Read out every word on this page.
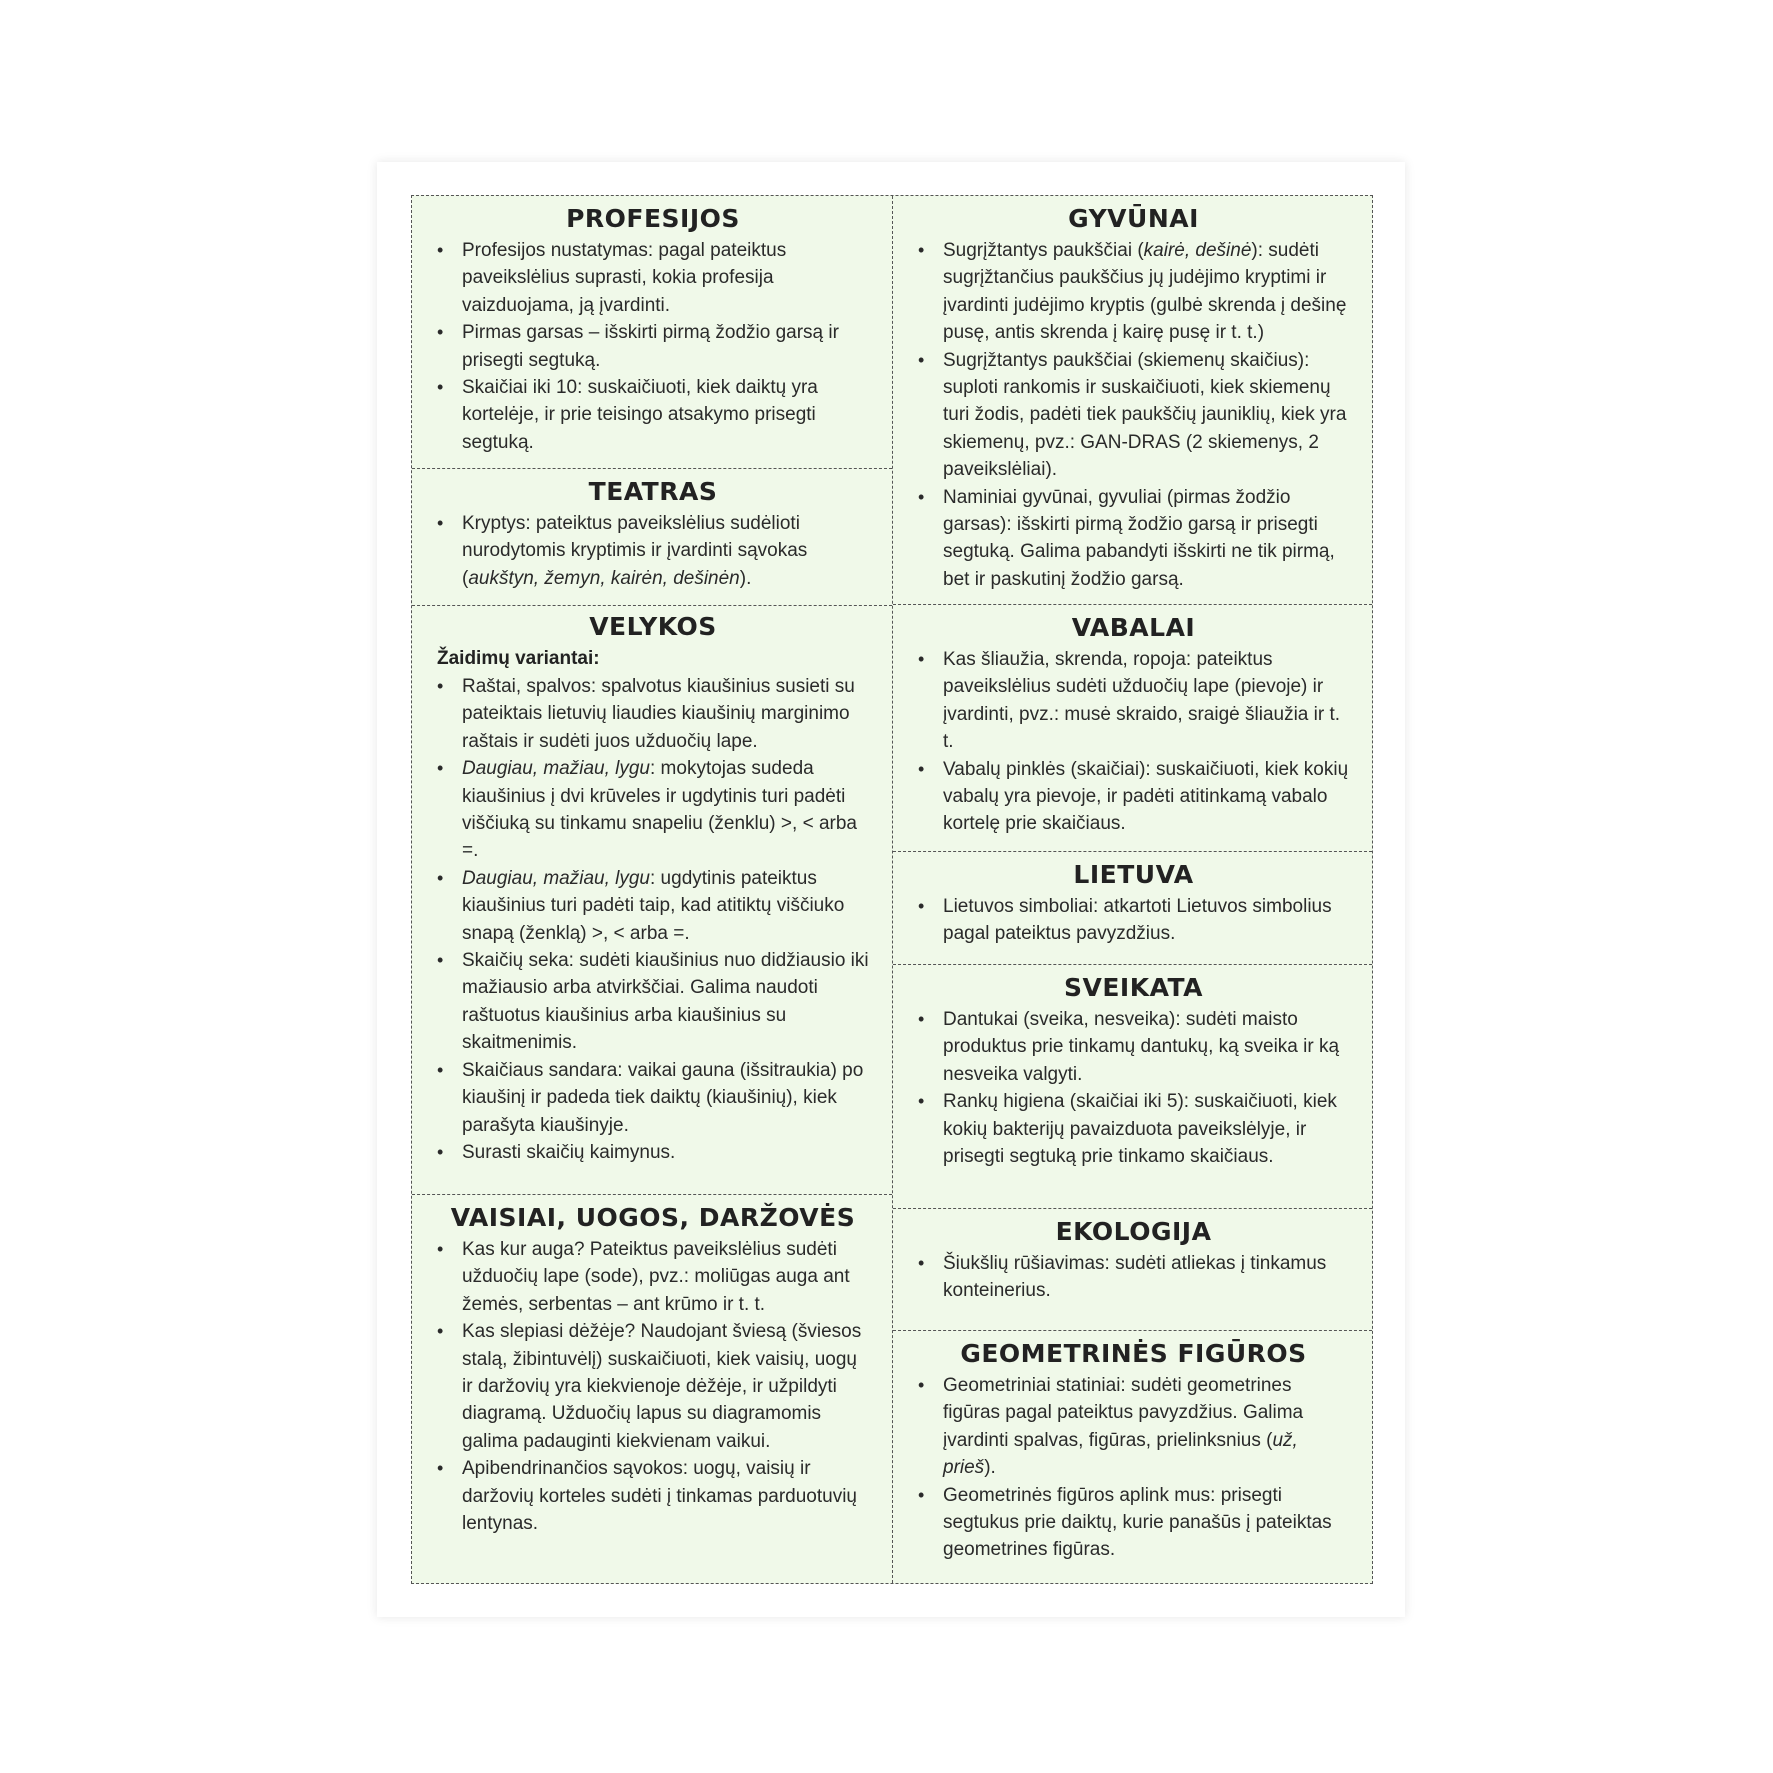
PROFESIJOS
• Profesijos nustatymas: pagal pateiktus paveikslėlius suprasti, kokia profesija vaizduojama, ją įvardinti.
• Pirmas garsas – išskirti pirmą žodžio garsą ir prisegti segtuką.
• Skaičiai iki 10: suskaičiuoti, kiek daiktų yra kortelėje, ir prie teisingo atsakymo prisegti segtuką.
TEATRAS
• Kryptys: pateiktus paveikslėlius sudėlioti nurodytomis kryptimis ir įvardinti sąvokas (aukštyn, žemyn, kairėn, dešinėn).
VELYKOS
Žaidimų variantai:
• Raštai, spalvos: spalvotus kiaušinius susieti su pateiktais lietuvių liaudies kiaušinių marginimo raštais ir sudėti juos užduočių lape.
• Daugiau, mažiau, lygu: mokytojas sudeda kiaušinius į dvi krūveles ir ugdytinis turi padėti viščiuką su tinkamu snapeliu (ženklu) >, < arba =.
• Daugiau, mažiau, lygu: ugdytinis pateiktus kiaušinius turi padėti taip, kad atitiktų viščiuko snapą (ženklą) >, < arba =.
• Skaičių seka: sudėti kiaušinius nuo didžiausio iki mažiausio arba atvirkščiai. Galima naudoti raštuotus kiaušinius arba kiaušinius su skaitmenimis.
• Skaičiaus sandara: vaikai gauna (išsitraukia) po kiaušinį ir padeda tiek daiktų (kiaušinių), kiek parašyta kiaušinyje.
• Surasti skaičių kaimynus.
VAISIAI, UOGOS, DARŽOVĖS
• Kas kur auga? Pateiktus paveikslėlius sudėti užduočių lape (sode), pvz.: moliūgas auga ant žemės, serbentas – ant krūmo ir t. t.
• Kas slepiasi dėžėje? Naudojant šviesą (šviesos stalą, žibintuvėlį) suskaičiuoti, kiek vaisių, uogų ir daržovių yra kiekvienoje dėžėje, ir užpildyti diagramą. Užduočių lapus su diagramomis galima padauginti kiekvienam vaikui.
• Apibendrinančios sąvokos: uogų, vaisių ir daržovių korteles sudėti į tinkamas parduotuvių lentynas.
GYVŪNAI
• Sugrįžtantys paukščiai (kairė, dešinė): sudėti sugrįžtančius paukščius jų judėjimo kryptimi ir įvardinti judėjimo kryptis (gulbė skrenda į dešinę pusę, antis skrenda į kairę pusę ir t. t.)
• Sugrįžtantys paukščiai (skiemenų skaičius): suploti rankomis ir suskaičiuoti, kiek skiemenų turi žodis, padėti tiek paukščių jauniklių, kiek yra skiemenų, pvz.: GAN-DRAS (2 skiemenys, 2 paveikslėliai).
• Naminiai gyvūnai, gyvuliai (pirmas žodžio garsas): išskirti pirmą žodžio garsą ir prisegti segtuką. Galima pabandyti išskirti ne tik pirmą, bet ir paskutinį žodžio garsą.
VABALAI
• Kas šliaužia, skrenda, ropoja: pateiktus paveikslėlius sudėti užduočių lape (pievoje) ir įvardinti, pvz.: musė skraido, sraigė šliaužia ir t. t.
• Vabalų pinklės (skaičiai): suskaičiuoti, kiek kokių vabalų yra pievoje, ir padėti atitinkamą vabalo kortelę prie skaičiaus.
LIETUVA
• Lietuvos simboliai: atkartoti Lietuvos simbolius pagal pateiktus pavyzdžius.
SVEIKATA
• Dantukai (sveika, nesveika): sudėti maisto produktus prie tinkamų dantukų, ką sveika ir ką nesveika valgyti.
• Rankų higiena (skaičiai iki 5): suskaičiuoti, kiek kokių bakterijų pavaizduota paveikslėlyje, ir prisegti segtuką prie tinkamo skaičiaus.
EKOLOGIJA
• Šiukšlių rūšiavimas: sudėti atliekas į tinkamus konteinerius.
GEOMETRINĖS FIGŪROS
• Geometriniai statiniai: sudėti geometrines figūras pagal pateiktus pavyzdžius. Galima įvardinti spalvas, figūras, prielinksnius (už, prieš).
• Geometrinės figūros aplink mus: prisegti segtukus prie daiktų, kurie panašūs į pateiktas geometrines figūras.
